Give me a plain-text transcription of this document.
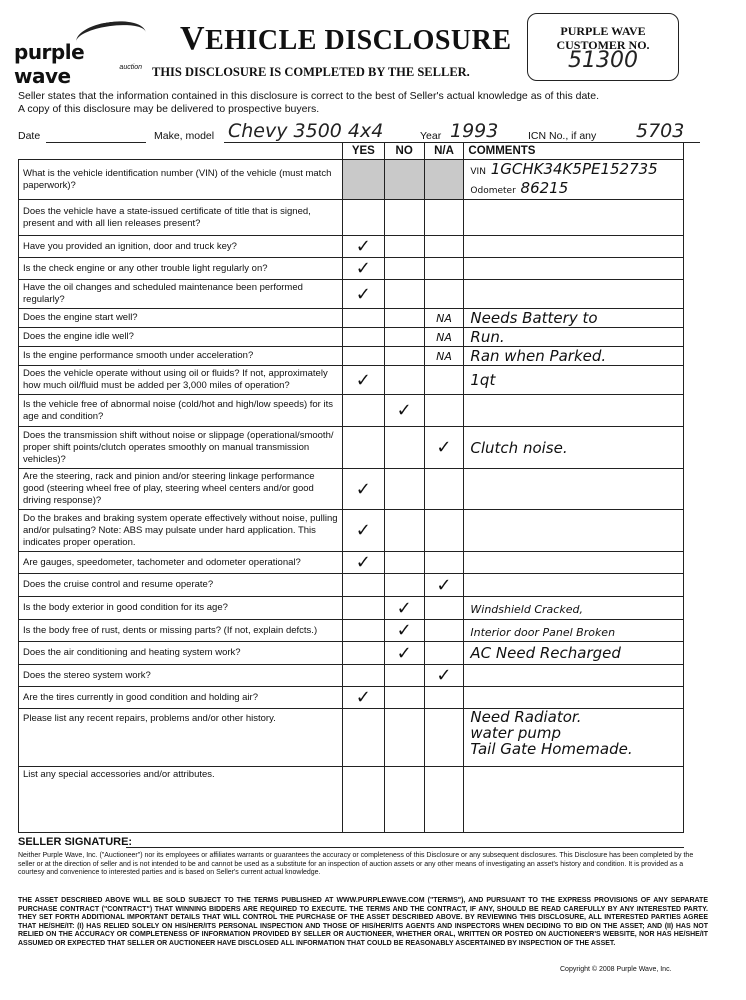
purple wave	auction
VEHICLE DISCLOSURE
THIS DISCLOSURE IS COMPLETED BY THE SELLER.
PURPLE WAVE
CUSTOMER NO.
51300
Seller states that the information contained in this disclosure is correct to the best of Seller's actual knowledge as of this date.
A copy of this disclosure may be delivered to prospective buyers.
Date	Make, model Chevy 3500 4x4	Year 1993	ICN No., if any 5703
	YES	NO	N/A	COMMENTS
What is the vehicle identification number (VIN) of the vehicle (must match paperwork)?				VIN 1GCHK34K5PE152735
Odometer 86215

Does the vehicle have a state-issued certificate of title that is signed, present and with all lien releases present?				
Have you provided an ignition, door and truck key?	✓			
Is the check engine or any other trouble light regularly on?	✓			
Have the oil changes and scheduled maintenance been performed regularly?	✓			
Does the engine start well?			NA	Needs Battery to
Does the engine idle well?			NA	Run.
Is the engine performance smooth under acceleration?			NA	Ran when Parked.
Does the vehicle operate without using oil or fluids? If not, approximately how much oil/fluid must be added per 3,000 miles of operation?	✓			1qt
Is the vehicle free of abnormal noise (cold/hot and high/low speeds) for its age and condition?		✓		
Does the transmission shift without noise or slippage (operational/smooth/ proper shift points/clutch operates smoothly on manual transmission vehicles)?			✓	Clutch noise.
Are the steering, rack and pinion and/or steering linkage performance good (steering wheel free of play, steering wheel centers and/or good driving response)?	✓			
Do the brakes and braking system operate effectively without noise, pulling and/or pulsating? Note: ABS may pulsate under hard application. This indicates proper operation.	✓			
Are gauges, speedometer, tachometer and odometer operational?	✓			
Does the cruise control and resume operate?			✓	
Is the body exterior in good condition for its age?		✓		Windshield Cracked,
Is the body free of rust, dents or missing parts? (If not, explain defcts.)		✓		Interior door Panel Broken
Does the air conditioning and heating system work?		✓		AC Need Recharged
Does the stereo system work?			✓	
Are the tires currently in good condition and holding air?	✓			
Please list any recent repairs, problems and/or other history.				Need Radiator.
water pump
Tail Gate Homemade.

List any special accessories and/or attributes.				
SELLER SIGNATURE:
Neither Purple Wave, Inc. ("Auctioneer") nor its employees or affiliates warrants or guarantees the accuracy or completeness of this Disclosure or any subsequent disclosures. This Disclosure has been completed by the seller or at the direction of seller and is not intended to be and cannot be used as a substitute for an inspection of auction assets or any other means of investigating an asset's history and condition. It is provided as a courtesy and convenience to interested parties and is based on Seller's current actual knowledge.
THE ASSET DESCRIBED ABOVE WILL BE SOLD SUBJECT TO THE TERMS PUBLISHED AT WWW.PURPLEWAVE.COM ("TERMS"), AND PURSUANT TO THE EXPRESS PROVISIONS OF ANY SEPARATE PURCHASE CONTRACT ("CONTRACT") THAT WINNING BIDDERS ARE REQUIRED TO EXECUTE. THE TERMS AND THE CONTRACT, IF ANY, SHOULD BE READ CAREFULLY BY ANY INTERESTED PARTY. THEY SET FORTH ADDITIONAL IMPORTANT DETAILS THAT WILL CONTROL THE PURCHASE OF THE ASSET DESCRIBED ABOVE. BY REVIEWING THIS DISCLOSURE, ALL INTERESTED PARTIES AGREE THAT HE/SHE/IT: (I) HAS RELIED SOLELY ON HIS/HER/ITS PERSONAL INSPECTION AND THOSE OF HIS/HER/ITS AGENTS AND INSPECTORS WHEN DECIDING TO BID ON THE ASSET; AND (II) HAS NOT RELIED ON THE ACCURACY OR COMPLETENESS OF INFORMATION PROVIDED BY SELLER OR AUCTIONEER, WHETHER ORAL, WRITTEN OR POSTED ON AUCTIONEER'S WEBSITE, NOR HAS HE/SHE/IT ASSUMED OR EXPECTED THAT SELLER OR AUCTIONEER HAVE DISCLOSED ALL INFORMATION THAT COULD BE REASONABLY ASCERTAINED BY INSPECTION OF THE ASSET.
Copyright © 2008 Purple Wave, Inc.
